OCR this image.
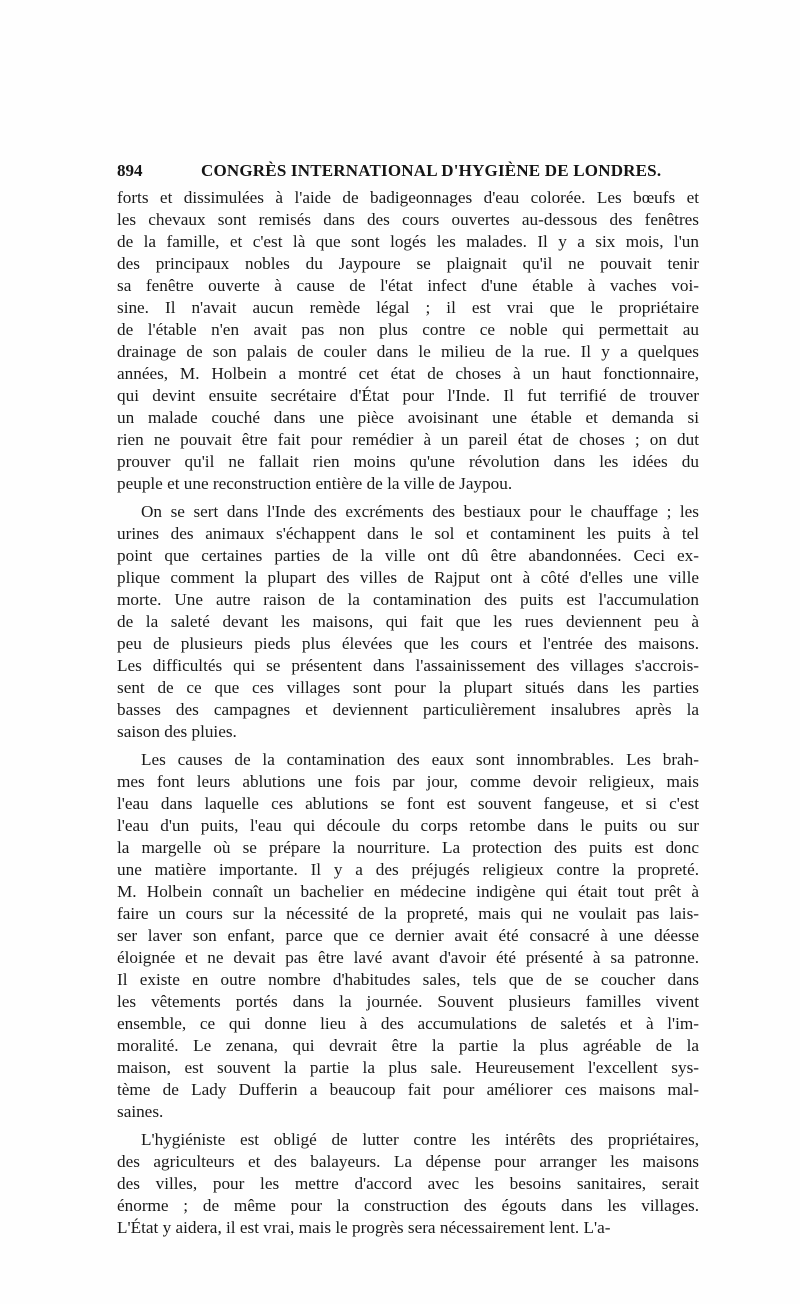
894	CONGRÈS INTERNATIONAL D'HYGIÈNE DE LONDRES.
forts et dissimulées à l'aide de badigeonnages d'eau colorée. Les bœufs et
les chevaux sont remisés dans des cours ouvertes au-dessous des fenêtres
de la famille, et c'est là que sont logés les malades. Il y a six mois, l'un
des principaux nobles du Jaypoure se plaignait qu'il ne pouvait tenir
sa fenêtre ouverte à cause de l'état infect d'une étable à vaches voi-
sine. Il n'avait aucun remède légal ; il est vrai que le propriétaire
de l'étable n'en avait pas non plus contre ce noble qui permettait au
drainage de son palais de couler dans le milieu de la rue. Il y a quelques
années, M. Holbein a montré cet état de choses à un haut fonctionnaire,
qui devint ensuite secrétaire d'État pour l'Inde. Il fut terrifié de trouver
un malade couché dans une pièce avoisinant une étable et demanda si
rien ne pouvait être fait pour remédier à un pareil état de choses ; on dut
prouver qu'il ne fallait rien moins qu'une révolution dans les idées du
peuple et une reconstruction entière de la ville de Jaypou.
On se sert dans l'Inde des excréments des bestiaux pour le chauffage ; les
urines des animaux s'échappent dans le sol et contaminent les puits à tel
point que certaines parties de la ville ont dû être abandonnées. Ceci ex-
plique comment la plupart des villes de Rajput ont à côté d'elles une ville
morte. Une autre raison de la contamination des puits est l'accumulation
de la saleté devant les maisons, qui fait que les rues deviennent peu à
peu de plusieurs pieds plus élevées que les cours et l'entrée des maisons.
Les difficultés qui se présentent dans l'assainissement des villages s'accrois-
sent de ce que ces villages sont pour la plupart situés dans les parties
basses des campagnes et deviennent particulièrement insalubres après la
saison des pluies.
Les causes de la contamination des eaux sont innombrables. Les brah-
mes font leurs ablutions une fois par jour, comme devoir religieux, mais
l'eau dans laquelle ces ablutions se font est souvent fangeuse, et si c'est
l'eau d'un puits, l'eau qui découle du corps retombe dans le puits ou sur
la margelle où se prépare la nourriture. La protection des puits est donc
une matière importante. Il y a des préjugés religieux contre la propreté.
M. Holbein connaît un bachelier en médecine indigène qui était tout prêt à
faire un cours sur la nécessité de la propreté, mais qui ne voulait pas lais-
ser laver son enfant, parce que ce dernier avait été consacré à une déesse
éloignée et ne devait pas être lavé avant d'avoir été présenté à sa patronne.
Il existe en outre nombre d'habitudes sales, tels que de se coucher dans
les vêtements portés dans la journée. Souvent plusieurs familles vivent
ensemble, ce qui donne lieu à des accumulations de saletés et à l'im-
moralité. Le zenana, qui devrait être la partie la plus agréable de la
maison, est souvent la partie la plus sale. Heureusement l'excellent sys-
tème de Lady Dufferin a beaucoup fait pour améliorer ces maisons mal-
saines.
L'hygiéniste est obligé de lutter contre les intérêts des propriétaires,
des agriculteurs et des balayeurs. La dépense pour arranger les maisons
des villes, pour les mettre d'accord avec les besoins sanitaires, serait
énorme ; de même pour la construction des égouts dans les villages.
L'État y aidera, il est vrai, mais le progrès sera nécessairement lent. L'a-
